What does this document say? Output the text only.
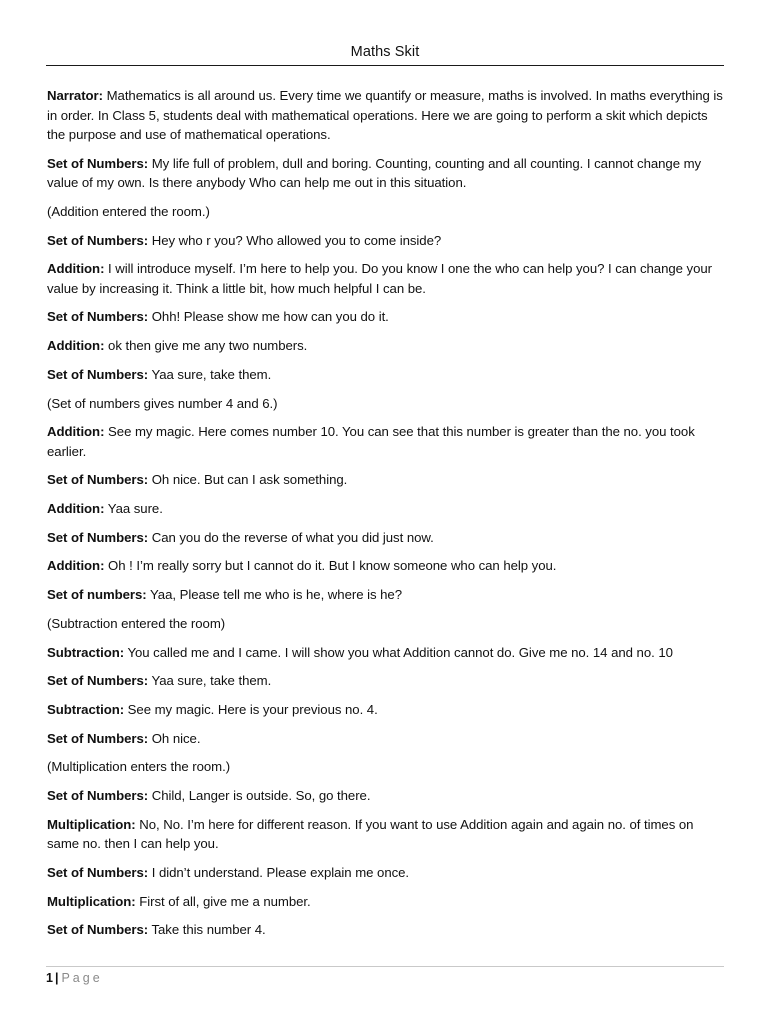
Maths Skit

Narrator: Mathematics is all around us. Every time we quantify or measure, maths is involved. In maths everything is in order. In Class 5, students deal with mathematical operations. Here we are going to perform a skit which depicts the purpose and use of mathematical operations.

Set of Numbers: My life full of problem, dull and boring. Counting, counting and all counting. I cannot change my value of my own. Is there anybody Who can help me out in this situation.

(Addition entered the room.)

Set of Numbers: Hey who r you? Who allowed you to come inside?

Addition: I will introduce myself. I’m here to help you. Do you know I one the who can help you? I can change your value by increasing it. Think a little bit, how much helpful I can be.

Set of Numbers: Ohh! Please show me how can you do it.

Addition: ok then give me any two numbers.

Set of Numbers: Yaa sure, take them.

(Set of numbers gives number 4 and 6.)

Addition: See my magic. Here comes number 10. You can see that this number is greater than the no. you took earlier.

Set of Numbers: Oh nice. But can I ask something.

Addition: Yaa sure.

Set of Numbers: Can you do the reverse of what you did just now.

Addition: Oh ! I’m really sorry but I cannot do it. But I know someone who can help you.

Set of numbers: Yaa, Please tell me who is he, where is he?

(Subtraction entered the room)

Subtraction: You called me and I came. I will show you what Addition cannot do. Give me no. 14 and no. 10

Set of Numbers: Yaa sure, take them.

Subtraction: See my magic. Here is your previous no. 4.

Set of Numbers: Oh nice.

(Multiplication enters the room.)

Set of Numbers: Child, Langer is outside. So, go there.

Multiplication: No, No. I’m here for different reason. If you want to use Addition again and again no. of times on same no. then I can help you.

Set of Numbers: I didn’t understand. Please explain me once.

Multiplication: First of all, give me a number.

Set of Numbers: Take this number 4.

1 | Page
